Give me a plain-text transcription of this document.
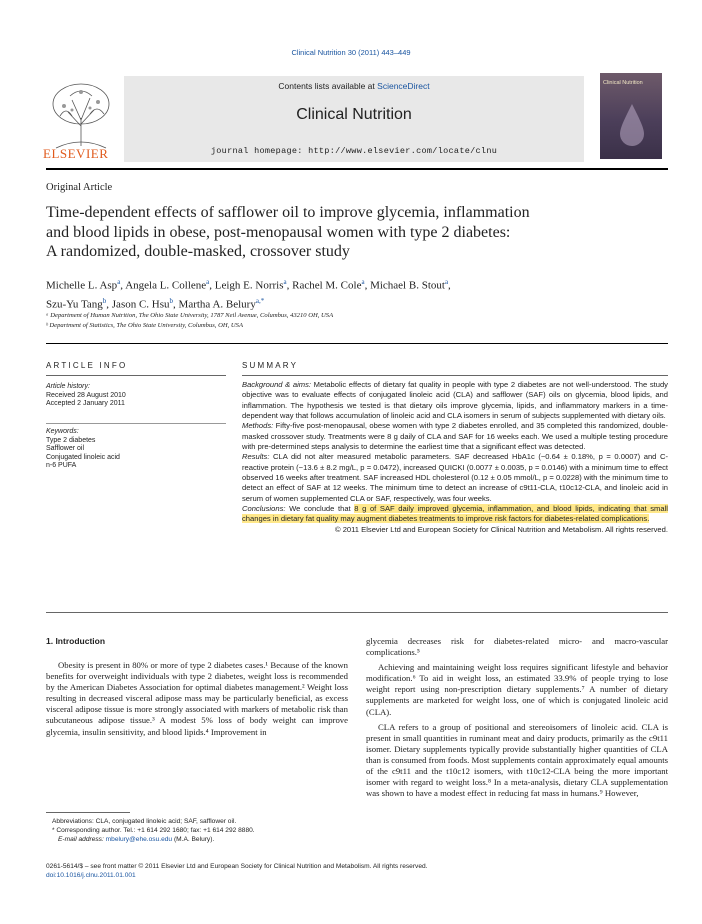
Clinical Nutrition 30 (2011) 443–449
ELSEVIER
Contents lists available at ScienceDirect
Clinical Nutrition
journal homepage: http://www.elsevier.com/locate/clnu
Clinical Nutrition
Original Article
Time-dependent effects of safflower oil to improve glycemia, inflammation
and blood lipids in obese, post-menopausal women with type 2 diabetes:
A randomized, double-masked, crossover study
Michelle L. Asp$^a$, Angela L. Collene$^a$, Leigh E. Norris$^a$, Rachel M. Cole$^a$, Michael B. Stout$^a$,
Szu-Yu Tang$^b$, Jason C. Hsu$^b$, Martha A. Belury$^{a,*}$
ᵃ Department of Human Nutrition, The Ohio State University, 1787 Neil Avenue, Columbus, 43210 OH, USA
ᵇ Department of Statistics, The Ohio State University, Columbus, OH, USA
ARTICLE INFO
Article history:
Received 28 August 2010
Accepted 2 January 2011
Keywords:
Type 2 diabetes
Safflower oil
Conjugated linoleic acid
n-6 PUFA
SUMMARY
Background & aims: Metabolic effects of dietary fat quality in people with type 2 diabetes are not well-understood. The study objective was to evaluate effects of conjugated linoleic acid (CLA) and safflower (SAF) oils on glycemia, blood lipids, and inflammation. The hypothesis we tested is that dietary oils improve glycemia, lipids, and inflammatory markers in a time-dependent way that follows accumulation of linoleic acid and CLA isomers in serum of subjects supplemented with dietary oils.
Methods: Fifty-five post-menopausal, obese women with type 2 diabetes enrolled, and 35 completed this randomized, double-masked crossover study. Treatments were 8 g daily of CLA and SAF for 16 weeks each. We used a multiple testing procedure with pre-determined steps analysis to determine the earliest time that a significant effect was detected.
Results: CLA did not alter measured metabolic parameters. SAF decreased HbA1c (−0.64 ± 0.18%, p = 0.0007) and C-reactive protein (−13.6 ± 8.2 mg/L, p = 0.0472), increased QUICKI (0.0077 ± 0.0035, p = 0.0146) with a minimum time to effect observed 16 weeks after treatment. SAF increased HDL cholesterol (0.12 ± 0.05 mmol/L, p = 0.0228) with the minimum time to detect an effect of SAF at 12 weeks. The minimum time to detect an increase of c9t11-CLA, t10c12-CLA, and linoleic acid in serum of women supplemented CLA or SAF, respectively, was four weeks.
Conclusions: We conclude that 8 g of SAF daily improved glycemia, inflammation, and blood lipids, indicating that small changes in dietary fat quality may augment diabetes treatments to improve risk factors for diabetes-related complications.
© 2011 Elsevier Ltd and European Society for Clinical Nutrition and Metabolism. All rights reserved.
1. Introduction

Obesity is present in 80% or more of type 2 diabetes cases.¹ Because of the known benefits for overweight individuals with type 2 diabetes, weight loss is recommended by the American Diabetes Association for optimal diabetes management.² Weight loss resulting in decreased visceral adipose mass may be particularly beneficial, as excess visceral adipose tissue is more strongly associated with markers of metabolic risk than subcutaneous adipose tissue.³ A modest 5% loss of body weight can improve glycemia, insulin sensitivity, and blood lipids.⁴ Improvement in

glycemia decreases risk for diabetes-related micro- and macro-vascular complications.⁵

Achieving and maintaining weight loss requires significant lifestyle and behavior modification.⁶ To aid in weight loss, an estimated 33.9% of people trying to lose weight report using non-prescription dietary supplements.⁷ A number of dietary supplements are marketed for weight loss, one of which is conjugated linoleic acid (CLA).

CLA refers to a group of positional and stereoisomers of linoleic acid. CLA is present in small quantities in ruminant meat and dairy products, primarily as the c9t11 isomer. Dietary supplements typically provide substantially higher quantities of CLA than is consumed from foods. Most supplements contain approximately equal amounts of the c9t11 and the t10c12 isomers, with t10c12-CLA being the more important isomer with regard to weight loss.⁸ In a meta-analysis, dietary CLA supplementation was shown to have a modest effect in reducing fat mass in humans.⁹ However,

Abbreviations: CLA, conjugated linoleic acid; SAF, safflower oil.
* Corresponding author. Tel.: +1 614 292 1680; fax: +1 614 292 8880.
E-mail address: mbelury@ehe.osu.edu (M.A. Belury).
0261-5614/$ – see front matter © 2011 Elsevier Ltd and European Society for Clinical Nutrition and Metabolism. All rights reserved.
doi:10.1016/j.clnu.2011.01.001
